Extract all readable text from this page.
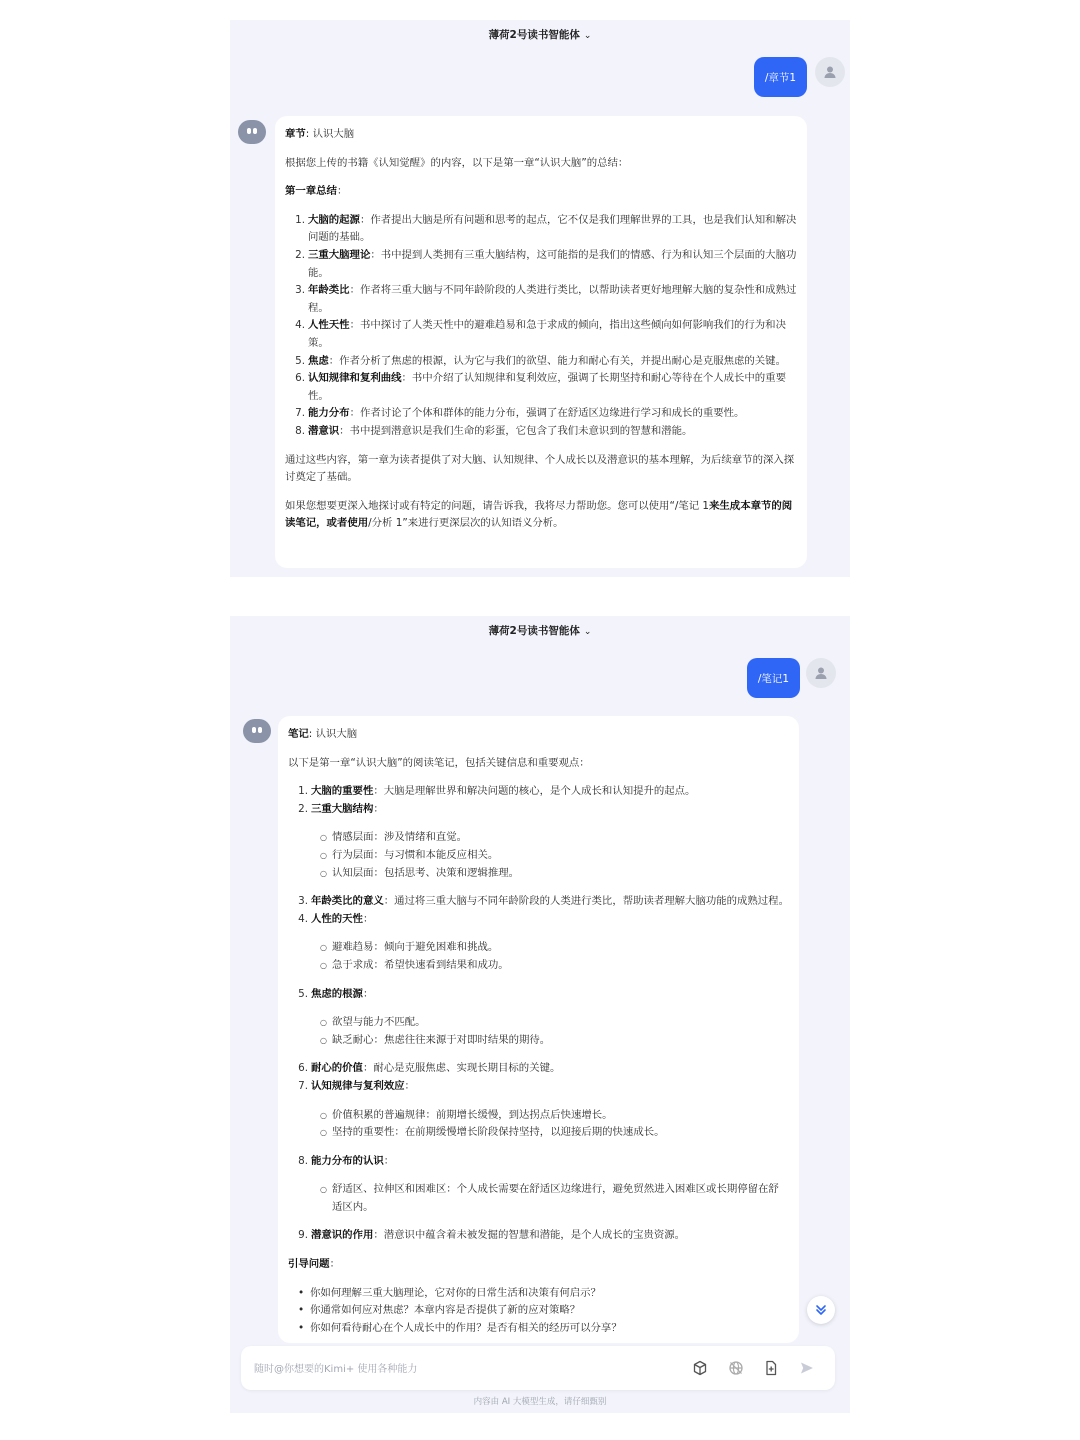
薄荷2号读书智能体 ⌄
/章节1

章节: 认识大脑

根据您上传的书籍《认知觉醒》的内容，以下是第一章“认识大脑”的总结：

第一章总结：

1. 大脑的起源：作者提出大脑是所有问题和思考的起点，它不仅是我们理解世界的工具，也是我们认知和解决问题的基础。
2. 三重大脑理论：书中提到人类拥有三重大脑结构，这可能指的是我们的情感、行为和认知三个层面的大脑功能。
3. 年龄类比：作者将三重大脑与不同年龄阶段的人类进行类比，以帮助读者更好地理解大脑的复杂性和成熟过程。
4. 人性天性：书中探讨了人类天性中的避难趋易和急于求成的倾向，指出这些倾向如何影响我们的行为和决策。
5. 焦虑：作者分析了焦虑的根源，认为它与我们的欲望、能力和耐心有关，并提出耐心是克服焦虑的关键。
6. 认知规律和复利曲线：书中介绍了认知规律和复利效应，强调了长期坚持和耐心等待在个人成长中的重要性。
7. 能力分布：作者讨论了个体和群体的能力分布，强调了在舒适区边缘进行学习和成长的重要性。
8. 潜意识：书中提到潜意识是我们生命的彩蛋，它包含了我们未意识到的智慧和潜能。

通过这些内容，第一章为读者提供了对大脑、认知规律、个人成长以及潜意识的基本理解，为后续章节的深入探讨奠定了基础。

如果您想要更深入地探讨或有特定的问题，请告诉我，我将尽力帮助您。您可以使用“/笔记 1来生成本章节的阅读笔记，或者使用/分析 1”来进行更深层次的认知语义分析。

薄荷2号读书智能体 ⌄
/笔记1

笔记: 认识大脑

以下是第一章“认识大脑”的阅读笔记，包括关键信息和重要观点：

1. 大脑的重要性：大脑是理解世界和解决问题的核心，是个人成长和认知提升的起点。
2. 三重大脑结构：
○ 情感层面：涉及情绪和直觉。
○ 行为层面：与习惯和本能反应相关。
○ 认知层面：包括思考、决策和逻辑推理。
3. 年龄类比的意义：通过将三重大脑与不同年龄阶段的人类进行类比，帮助读者理解大脑功能的成熟过程。
4. 人性的天性：
○ 避难趋易：倾向于避免困难和挑战。
○ 急于求成：希望快速看到结果和成功。
5. 焦虑的根源：
○ 欲望与能力不匹配。
○ 缺乏耐心：焦虑往往来源于对即时结果的期待。
6. 耐心的价值：耐心是克服焦虑、实现长期目标的关键。
7. 认知规律与复利效应：
○ 价值积累的普遍规律：前期增长缓慢，到达拐点后快速增长。
○ 坚持的重要性：在前期缓慢增长阶段保持坚持，以迎接后期的快速成长。
8. 能力分布的认识：
○ 舒适区、拉伸区和困难区：个人成长需要在舒适区边缘进行，避免贸然进入困难区或长期停留在舒适区内。
9. 潜意识的作用：潜意识中蕴含着未被发掘的智慧和潜能，是个人成长的宝贵资源。

引导问题：

• 你如何理解三重大脑理论，它对你的日常生活和决策有何启示？
• 你通常如何应对焦虑？本章内容是否提供了新的应对策略？
• 你如何看待耐心在个人成长中的作用？是否有相关的经历可以分享？
随时@你想要的Kimi+ 使用各种能力
内容由 AI 大模型生成，请仔细甄别
